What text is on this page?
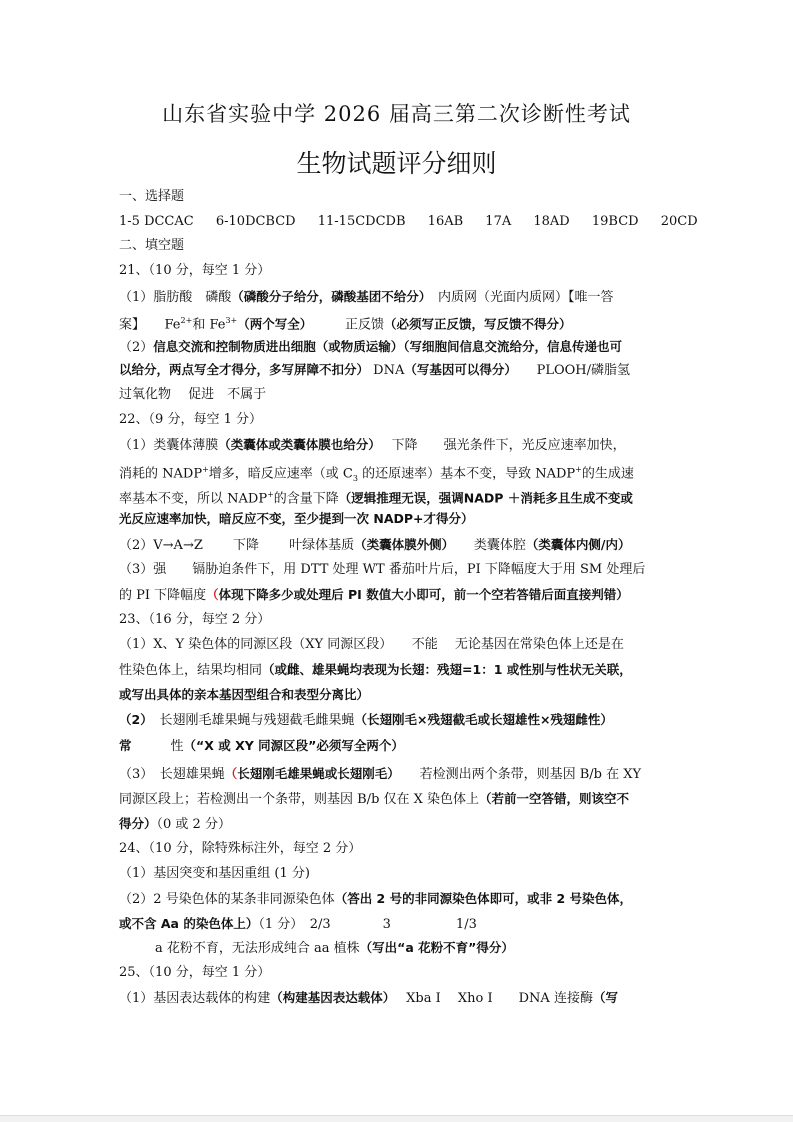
山东省实验中学 2026 届高三第二次诊断性考试
生物试题评分细则
一、选择题
1-5 DCCAC 6-10DCBCD 11-15CDCDB 16AB 17A 18AD 19BCD 20CD
二、填空题
21、（10 分，每空 1 分）
（1）脂肪酸　磷酸（磷酸分子给分，磷酸基团不给分）　内质网（光面内质网）【唯一答
案】　　$Fe^{2+}$和 $Fe^{3+}$（两个写全）　　　正反馈（必须写正反馈，写反馈不得分）
（2）信息交流和控制物质进出细胞（或物质运输）（写细胞间信息交流给分，信息传递也可
以给分，两点写全才得分，多写屏障不扣分） DNA（写基因可以得分）　　PLOOH/磷脂氢
过氧化物　 促进　不属于
22、（9 分，每空 1 分）
（1）类囊体薄膜（类囊体或类囊体膜也给分）　 下降　　强光条件下，光反应速率加快，
消耗的 NADP+增多，暗反应速率（或 $C_3$ 的还原速率）基本不变，导致 NADP+的生成速
率基本不变，所以 NADP+的含量下降（逻辑推理无误，强调NADP ＋消耗多且生成不变或
光反应速率加快，暗反应不变，至少提到一次 NADP+才得分）
（2）V→A→Z　　 下降　　 叶绿体基质（类囊体膜外侧）　　类囊体腔（类囊体内侧/内）
（3）强　　镉胁迫条件下，用 DTT 处理 WT 番茄叶片后，PI 下降幅度大于用 SM 处理后
的 PI 下降幅度（体现下降多少或处理后 PI 数值大小即可，前一个空若答错后面直接判错）
23、（16 分，每空 2 分）
（1）X、Y 染色体的同源区段（XY 同源区段）　　不能　 无论基因在常染色体上还是在
性染色体上，结果均相同（或雌、雄果蝇均表现为长翅：残翅=1：1 或性别与性状无关联，
或写出具体的亲本基因型组合和表型分离比）
（2）　长翅刚毛雄果蝇与残翅截毛雌果蝇（长翅刚毛×残翅截毛或长翅雄性×残翅雌性）
常　　　性（“X 或 XY 同源区段”必须写全两个）
（3）　长翅雄果蝇（长翅刚毛雄果蝇或长翅刚毛）　　若检测出两个条带，则基因 B/b 在 XY
同源区段上；若检测出一个条带，则基因 B/b 仅在 X 染色体上（若前一空答错，则该空不
得分）（0 或 2 分）
24、（10 分，除特殊标注外，每空 2 分）
（1）基因突变和基因重组 (1 分)
（2）2 号染色体的某条非同源染色体（答出 2 号的非同源染色体即可，或非 2 号染色体，
或不含 Aa 的染色体上）（1 分）　2/3　　　　3　　　　　1/3
a 花粉不育，无法形成纯合 aa 植株（写出“a 花粉不育”得分）
25、（10 分，每空 1 分）
（1）基因表达载体的构建（构建基因表达载体）　 Xba Ⅰ　 Xho Ⅰ　　DNA 连接酶（写
